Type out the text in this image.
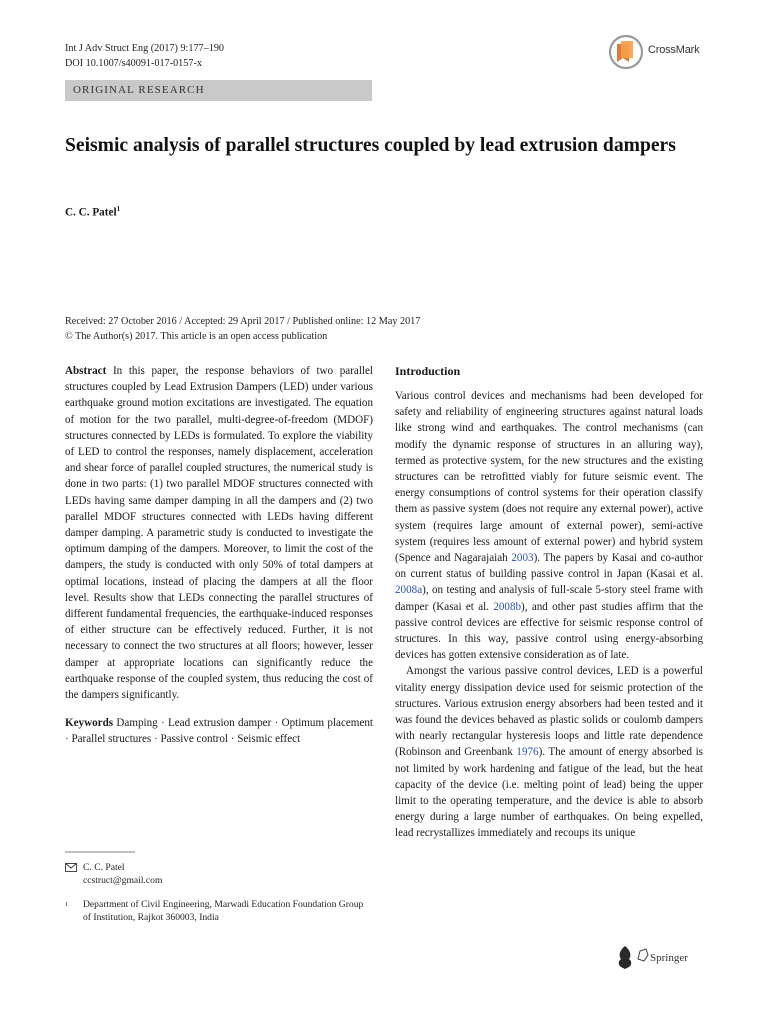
Int J Adv Struct Eng (2017) 9:177–190
DOI 10.1007/s40091-017-0157-x
CrossMark
ORIGINAL RESEARCH
Seismic analysis of parallel structures coupled by lead extrusion dampers
C. C. Patel$^1$
Received: 27 October 2016 / Accepted: 29 April 2017 / Published online: 12 May 2017
© The Author(s) 2017. This article is an open access publication

Abstract In this paper, the response behaviors of two parallel structures coupled by Lead Extrusion Dampers (LED) under various earthquake ground motion excitations are investigated. The equation of motion for the two parallel, multi-degree-of-freedom (MDOF) structures connected by LEDs is formulated. To explore the viability of LED to control the responses, namely displacement, acceleration and shear force of parallel coupled structures, the numerical study is done in two parts: (1) two parallel MDOF structures connected with LEDs having same damper damping in all the dampers and (2) two parallel MDOF structures connected with LEDs having different damper damping. A parametric study is conducted to investigate the optimum damping of the dampers. Moreover, to limit the cost of the dampers, the study is conducted with only 50% of total dampers at optimal locations, instead of placing the dampers at all the floor level. Results show that LEDs connecting the parallel structures of different fundamental frequencies, the earthquake-induced responses of either structure can be effectively reduced. Further, it is not necessary to connect the two structures at all floors; however, lesser damper at appropriate locations can significantly reduce the earthquake response of the coupled system, thus reducing the cost of the dampers significantly.

Keywords Damping · Lead extrusion damper · Optimum placement · Parallel structures · Passive control · Seismic effect

C. C. Patel
ccstruct@gmail.com
$^1$	Department of Civil Engineering, Marwadi Education Foundation Group of Institution, Rajkot 360003, India
Introduction

Various control devices and mechanisms had been developed for safety and reliability of engineering structures against natural loads like strong wind and earthquakes. The control mechanisms (can modify the dynamic response of structures in an alluring way), termed as protective system, for the new structures and the existing structures can be retrofitted viably for future seismic event. The energy consumptions of control systems for their operation classify them as passive system (does not require any external power), active system (requires large amount of external power), semi-active system (requires less amount of external power) and hybrid system (Spence and Nagarajaiah 2003). The papers by Kasai and co-author on current status of building passive control in Japan (Kasai et al. 2008a), on testing and analysis of full-scale 5-story steel frame with damper (Kasai et al. 2008b), and other past studies affirm that the passive control devices are effective for seismic response control of structures. In this way, passive control using energy-absorbing devices has gotten extensive consideration as of late.

Amongst the various passive control devices, LED is a powerful vitality energy dissipation device used for seismic protection of the structures. Various extrusion energy absorbers had been tested and it was found the devices behaved as plastic solids or coulomb dampers with nearly rectangular hysteresis loops and little rate dependence (Robinson and Greenbank 1976). The amount of energy absorbed is not limited by work hardening and fatigue of the lead, but the heat capacity of the device (i.e. melting point of lead) being the upper limit to the operating temperature, and the device is able to absorb energy during a large number of earthquakes. On being expelled, lead recrystallizes immediately and recoups its unique

Springer
